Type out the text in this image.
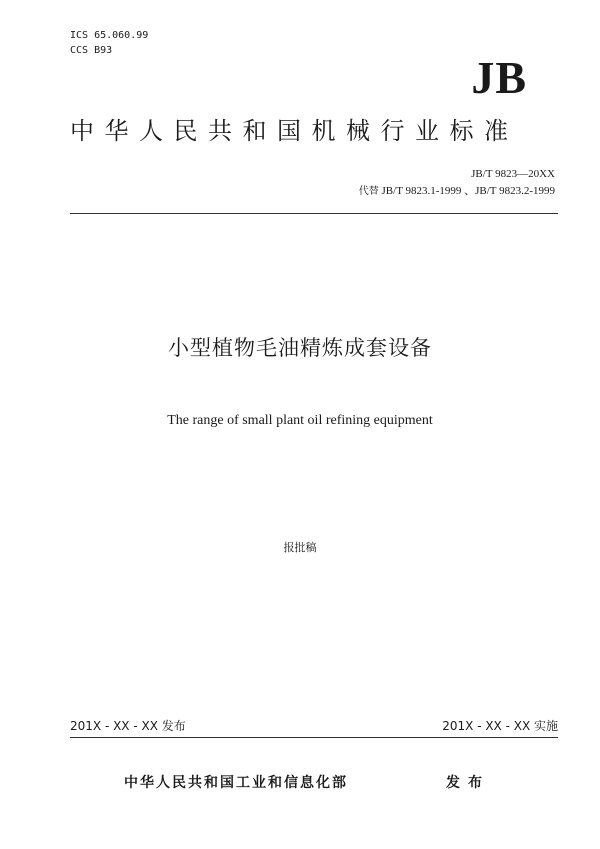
ICS 65.060.99
CCS B93
JB
中华人民共和国机械行业标准
JB/T 9823—20XX
代替 JB/T 9823.1-1999 、JB/T 9823.2-1999
小型植物毛油精炼成套设备
The range of small plant oil refining equipment
报批稿
201X - XX - XX 发布	201X - XX - XX 实施
中华人民共和国工业和信息化部	发布
